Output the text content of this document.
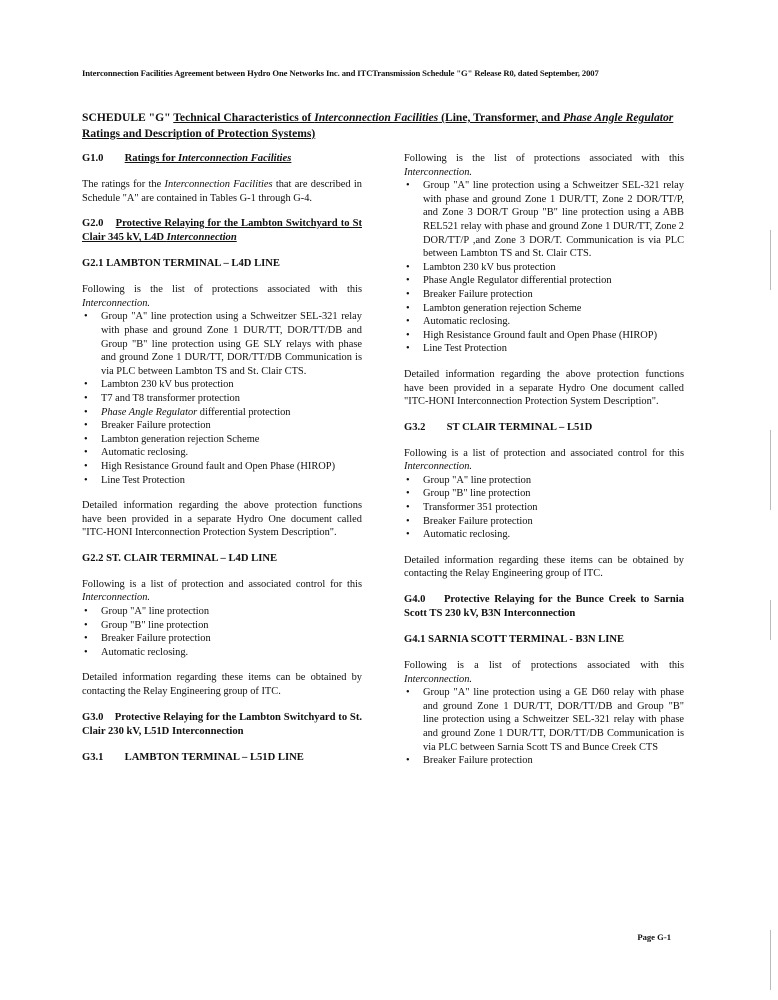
Interconnection Facilities Agreement between Hydro One Networks Inc. and ITCTransmission Schedule "G" Release R0, dated September, 2007
SCHEDULE "G" Technical Characteristics of Interconnection Facilities (Line, Transformer, and Phase Angle Regulator Ratings and Description of Protection Systems)
G1.0 Ratings for Interconnection Facilities
The ratings for the Interconnection Facilities that are described in Schedule "A" are contained in Tables G-1 through G-4.
G2.0 Protective Relaying for the Lambton Switchyard to St Clair 345 kV, L4D Interconnection
G2.1 LAMBTON TERMINAL – L4D LINE
Following is the list of protections associated with this Interconnection.
• Group "A" line protection using a Schweitzer SEL-321 relay with phase and ground Zone 1 DUR/TT, DOR/TT/DB and Group "B" line protection using GE SLY relays with phase and ground Zone 1 DUR/TT, DOR/TT/DB Communication is via PLC between Lambton TS and St. Clair CTS.
• Lambton 230 kV bus protection
• T7 and T8 transformer protection
• Phase Angle Regulator differential protection
• Breaker Failure protection
• Lambton generation rejection Scheme
• Automatic reclosing.
• High Resistance Ground fault and Open Phase (HIROP)
• Line Test Protection
Detailed information regarding the above protection functions have been provided in a separate Hydro One document called "ITC-HONI Interconnection Protection System Description".
G2.2 ST. CLAIR TERMINAL – L4D LINE
Following is a list of protection and associated control for this Interconnection.
• Group "A" line protection
• Group "B" line protection
• Breaker Failure protection
• Automatic reclosing.
Detailed information regarding these items can be obtained by contacting the Relay Engineering group of ITC.
G3.0 Protective Relaying for the Lambton Switchyard to St. Clair 230 kV, L51D Interconnection
G3.1 LAMBTON TERMINAL – L51D LINE
Following is the list of protections associated with this Interconnection.
• Group "A" line protection using a Schweitzer SEL-321 relay with phase and ground Zone 1 DUR/TT, Zone 2 DOR/TT/P, and Zone 3 DOR/T Group "B" line protection using a ABB REL521 relay with phase and ground Zone 1 DUR/TT, Zone 2 DOR/TT/P ,and Zone 3 DOR/T. Communication is via PLC between Lambton TS and St. Clair CTS.
• Lambton 230 kV bus protection
• Phase Angle Regulator differential protection
• Breaker Failure protection
• Lambton generation rejection Scheme
• Automatic reclosing.
• High Resistance Ground fault and Open Phase (HIROP)
• Line Test Protection
Detailed information regarding the above protection functions have been provided in a separate Hydro One document called "ITC-HONI Interconnection Protection System Description".
G3.2 ST CLAIR TERMINAL – L51D
Following is a list of protection and associated control for this Interconnection.
• Group "A" line protection
• Group "B" line protection
• Transformer 351 protection
• Breaker Failure protection
• Automatic reclosing.
Detailed information regarding these items can be obtained by contacting the Relay Engineering group of ITC.
G4.0 Protective Relaying for the Bunce Creek to Sarnia Scott TS 230 kV, B3N Interconnection
G4.1 SARNIA SCOTT TERMINAL - B3N LINE
Following is a list of protections associated with this Interconnection.
• Group "A" line protection using a GE D60 relay with phase and ground Zone 1 DUR/TT, DOR/TT/DB and Group "B" line protection using a Schweitzer SEL-321 relay with phase and ground Zone 1 DUR/TT, DOR/TT/DB Communication is via PLC between Sarnia Scott TS and Bunce Creek CTS
• Breaker Failure protection
Page G-1
